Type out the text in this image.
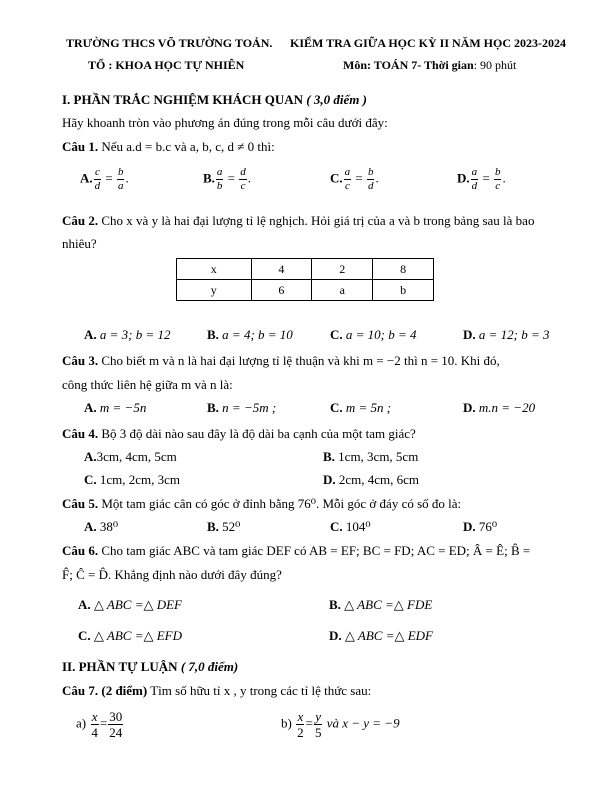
TRƯỜNG THCS VÕ TRƯỜNG TOẢN. KIỂM TRA GIỮA HỌC KỲ II NĂM HỌC 2023-2024
TỔ : KHOA HỌC TỰ NHIÊN	Môn: TOÁN 7- Thời gian: 90 phút
I. PHẦN TRẮC NGHIỆM KHÁCH QUAN ( 3,0 điểm )
Hãy khoanh tròn vào phương án đúng trong mỗi câu dưới đây:
Câu 1. Nếu a.d = b.c và a, b, c, d ≠ 0 thì:
A. $\frac{c}{d} = \frac{b}{a}$ .	B. $\frac{a}{b} = \frac{d}{c}$ .	C. $\frac{a}{c} = \frac{b}{d}$ .	D. $\frac{a}{d} = \frac{b}{c}$ .
Câu 2. Cho x và y là hai đại lượng tỉ lệ nghịch. Hỏi giá trị của a và b trong bảng sau là bao
nhiêu?
x	4	2	8
y	6	a	b
A. a = 3; b = 12	B. a = 4; b = 10	C. a = 10; b = 4	D. a = 12; b = 3
Câu 3. Cho biết m và n là hai đại lượng tỉ lệ thuận và khi m = −2 thì n = 10. Khi đó,
công thức liên hệ giữa m và n là:
A. m = −5n	B. n = −5m ;	C. m = 5n ;	D. m.n = −20
Câu 4. Bộ 3 độ dài nào sau đây là độ dài ba cạnh của một tam giác?
A.3cm, 4cm, 5cm	B. 1cm, 3cm, 5cm
C. 1cm, 2cm, 3cm	D. 2cm, 4cm, 6cm
Câu 5. Một tam giác cân có góc ở đỉnh bằng 76⁰. Mỗi góc ở đáy có số đo là:
A. 38⁰	B. 52⁰	C. 104⁰	D. 76⁰
Câu 6. Cho tam giác ABC và tam giác DEF có AB = EF; BC = FD; AC = ED; Â = Ê; B̂ =
F̂; Ĉ = D̂. Khẳng định nào dưới đây đúng?
A. △ ABC =△ DEF	B. △ ABC =△ FDE
C. △ ABC =△ EFD	D. △ ABC =△ EDF
II. PHẦN TỰ LUẬN ( 7,0 điểm)
Câu 7. (2 điểm) Tìm số hữu tỉ x , y trong các tỉ lệ thức sau:
$a) \frac{x}{4} = \frac{30}{24}$	$b) \frac{x}{2} = \frac{y}{5}$ và x − y = −9
